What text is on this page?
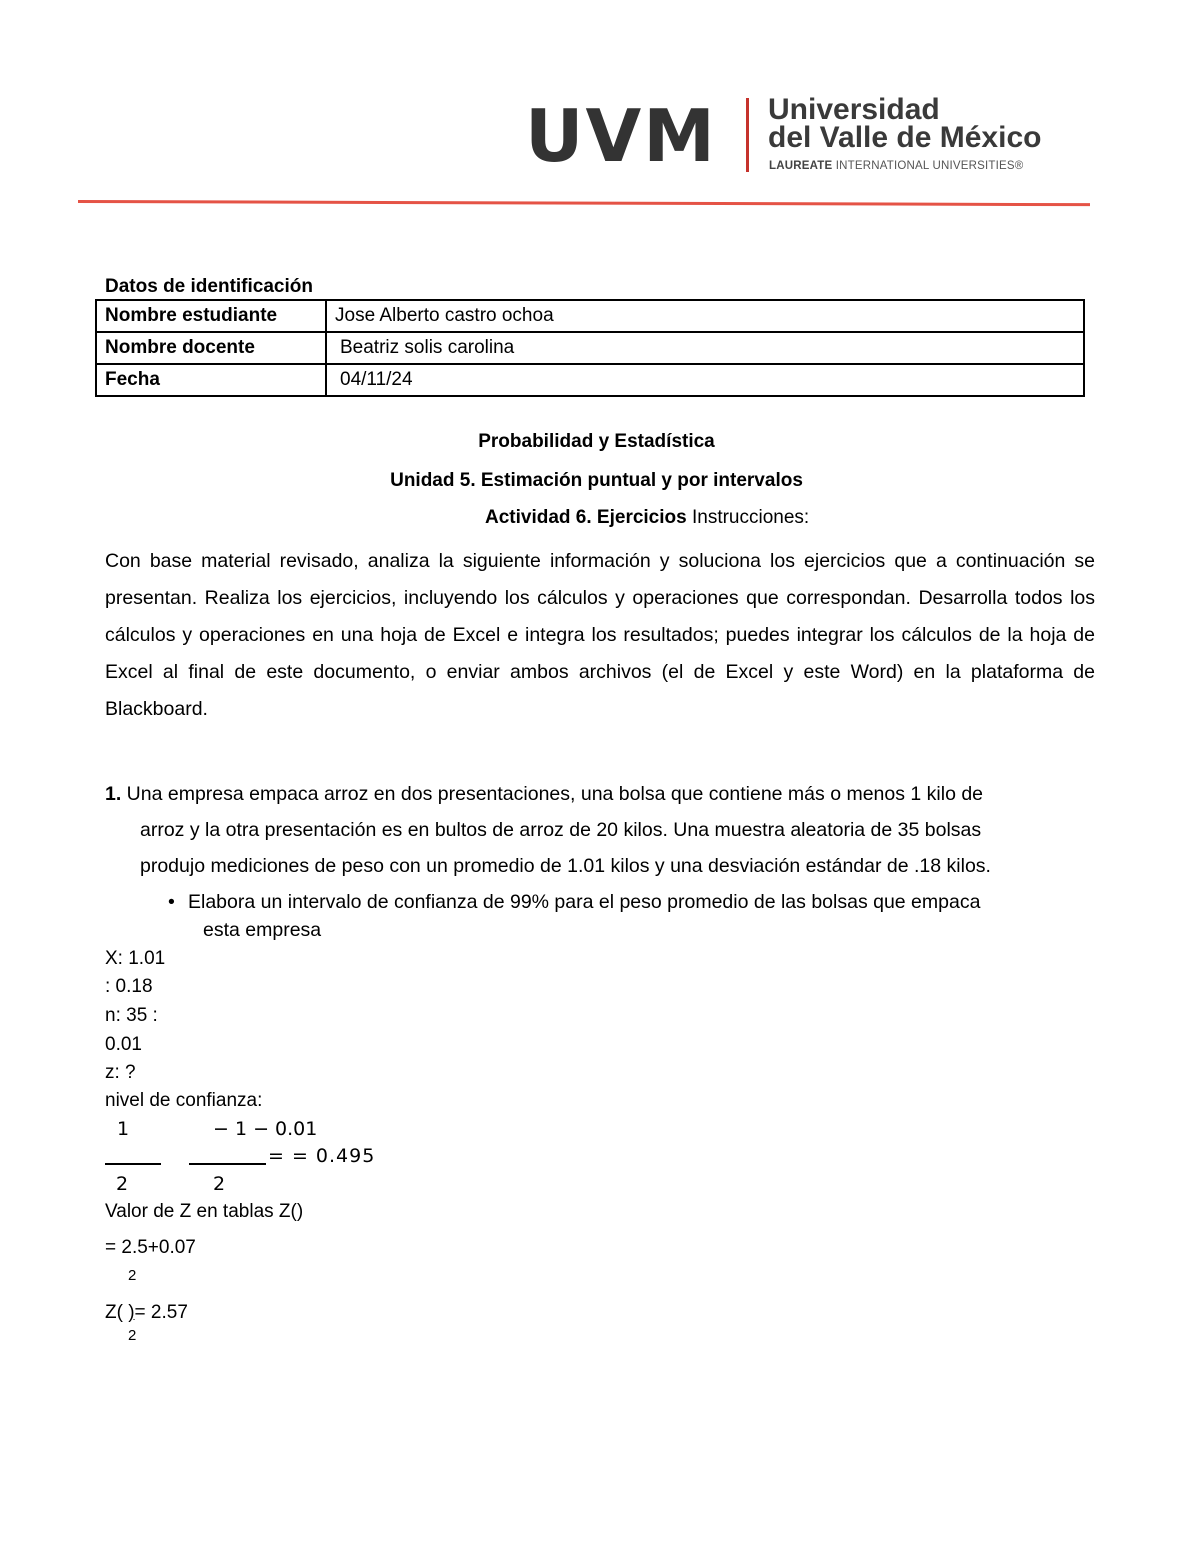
UVM Universidad
del Valle de México
LAUREATE INTERNATIONAL UNIVERSITIES®
Datos de identificación
Nombre estudiante	Jose Alberto castro ochoa
Nombre docente	Beatriz solis carolina
Fecha	04/11/24
Probabilidad y Estadística
Unidad 5. Estimación puntual y por intervalos
Actividad 6. Ejercicios Instrucciones:
Con base material revisado, analiza la siguiente información y soluciona los ejercicios que a continuación se presentan. Realiza los ejercicios, incluyendo los cálculos y operaciones que correspondan. Desarrolla todos los cálculos y operaciones en una hoja de Excel e integra los resultados; puedes integrar los cálculos de la hoja de Excel al final de este documento, o enviar ambos archivos (el de Excel y este Word) en la plataforma de Blackboard.
1. Una empresa empaca arroz en dos presentaciones, una bolsa que contiene más o menos 1 kilo de
arroz y la otra presentación es en bultos de arroz de 20 kilos. Una muestra aleatoria de 35 bolsas
produjo mediciones de peso con un promedio de 1.01 kilos y una desviación estándar de .18 kilos.
• Elabora un intervalo de confianza de 99% para el peso promedio de las bolsas que empaca
esta empresa
X: 1.01
: 0.18
n: 35 :
0.01
z: ?
nivel de confianza:
1	− 1 − 0.01
= = 0.495
2	2
Valor de Z en tablas Z()
= 2.5+0.07
2
Z( )= 2.57
2
